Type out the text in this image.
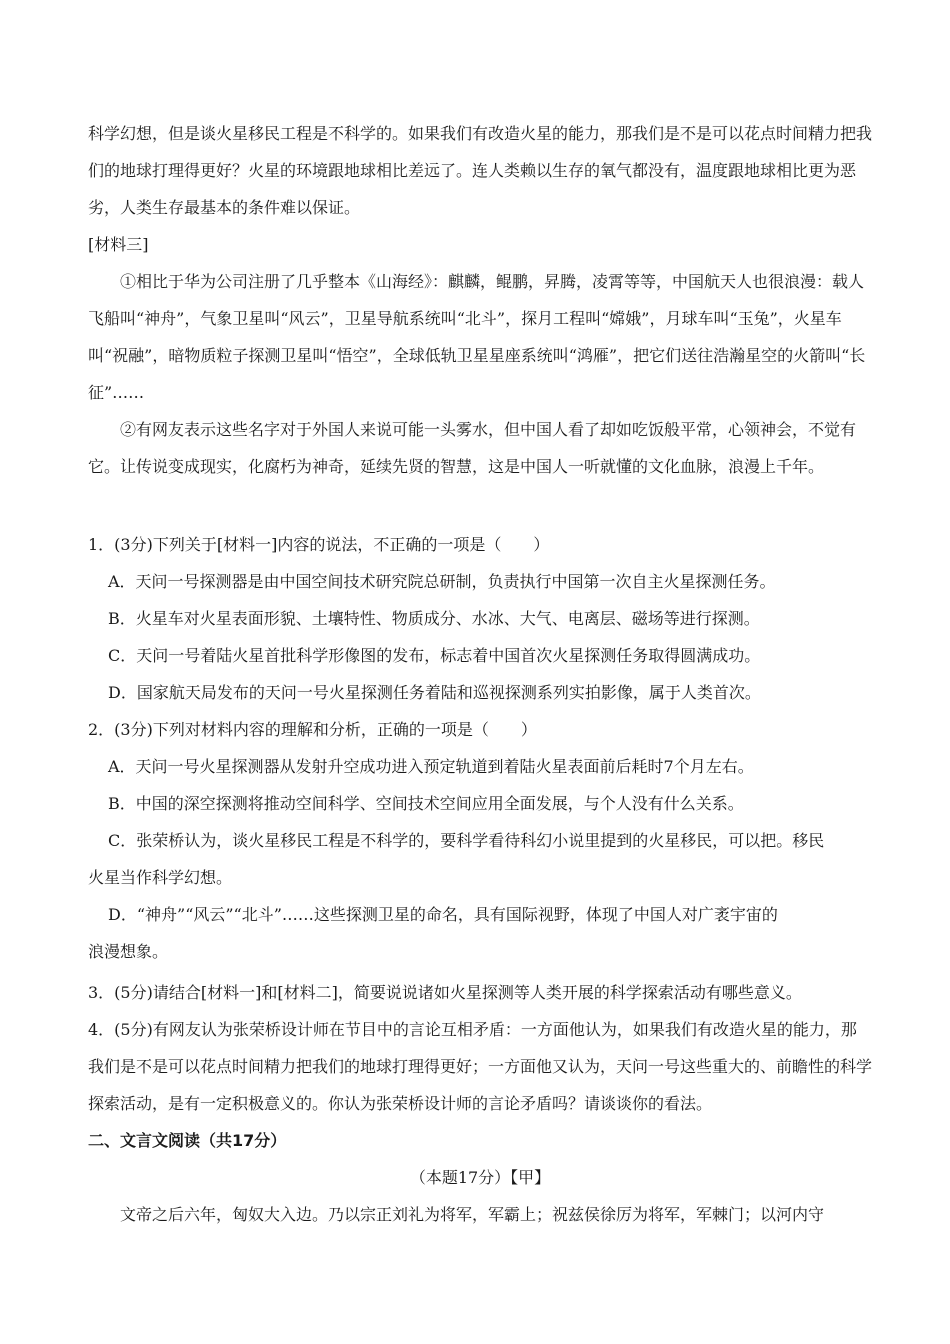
科学幻想，但是谈火星移民工程是不科学的。如果我们有改造火星的能力，那我们是不是可以花点时间精力把我们的地球打理得更好？火星的环境跟地球相比差远了。连人类赖以生存的氧气都没有，温度跟地球相比更为恶劣，人类生存最基本的条件难以保证。

[材料三]

①相比于华为公司注册了几乎整本《山海经》：麒麟，鲲鹏，昇腾，凌霄等等，中国航天人也很浪漫：载人飞船叫“神舟”，气象卫星叫“风云”，卫星导航系统叫“北斗”，探月工程叫“嫦娥”，月球车叫“玉兔”，火星车叫“祝融”，暗物质粒子探测卫星叫“悟空”，全球低轨卫星星座系统叫“鸿雁”，把它们送往浩瀚星空的火箭叫“长征”……

②有网友表示这些名字对于外国人来说可能一头雾水，但中国人看了却如吃饭般平常，心领神会，不觉有它。让传说变成现实，化腐朽为神奇，延续先贤的智慧，这是中国人一听就懂的文化血脉，浪漫上千年。

1．(3分)下列关于[材料一]内容的说法，不正确的一项是（　　）

A．天问一号探测器是由中国空间技术研究院总研制，负责执行中国第一次自主火星探测任务。

B．火星车对火星表面形貌、土壤特性、物质成分、水冰、大气、电离层、磁场等进行探测。

C．天问一号着陆火星首批科学形像图的发布，标志着中国首次火星探测任务取得圆满成功。

D．国家航天局发布的天问一号火星探测任务着陆和巡视探测系列实拍影像，属于人类首次。

2．(3分)下列对材料内容的理解和分析，正确的一项是（　　）

A．天问一号火星探测器从发射升空成功进入预定轨道到着陆火星表面前后耗时7个月左右。

B．中国的深空探测将推动空间科学、空间技术空间应用全面发展，与个人没有什么关系。

C．张荣桥认为，谈火星移民工程是不科学的，要科学看待科幻小说里提到的火星移民，可以把。移民

火星当作科学幻想。

D．“神舟”“风云”“北斗”……这些探测卫星的命名，具有国际视野，体现了中国人对广袤宇宙的

浪漫想象。

3．(5分)请结合[材料一]和[材料二]，简要说说诸如火星探测等人类开展的科学探索活动有哪些意义。

4．(5分)有网友认为张荣桥设计师在节目中的言论互相矛盾：一方面他认为，如果我们有改造火星的能力，那我们是不是可以花点时间精力把我们的地球打理得更好；一方面他又认为，天问一号这些重大的、前瞻性的科学探索活动，是有一定积极意义的。你认为张荣桥设计师的言论矛盾吗？请谈谈你的看法。

二、文言文阅读（共17分）

（本题17分）【甲】

文帝之后六年，匈奴大入边。乃以宗正刘礼为将军，军霸上；祝兹侯徐厉为将军，军棘门；以河内守
